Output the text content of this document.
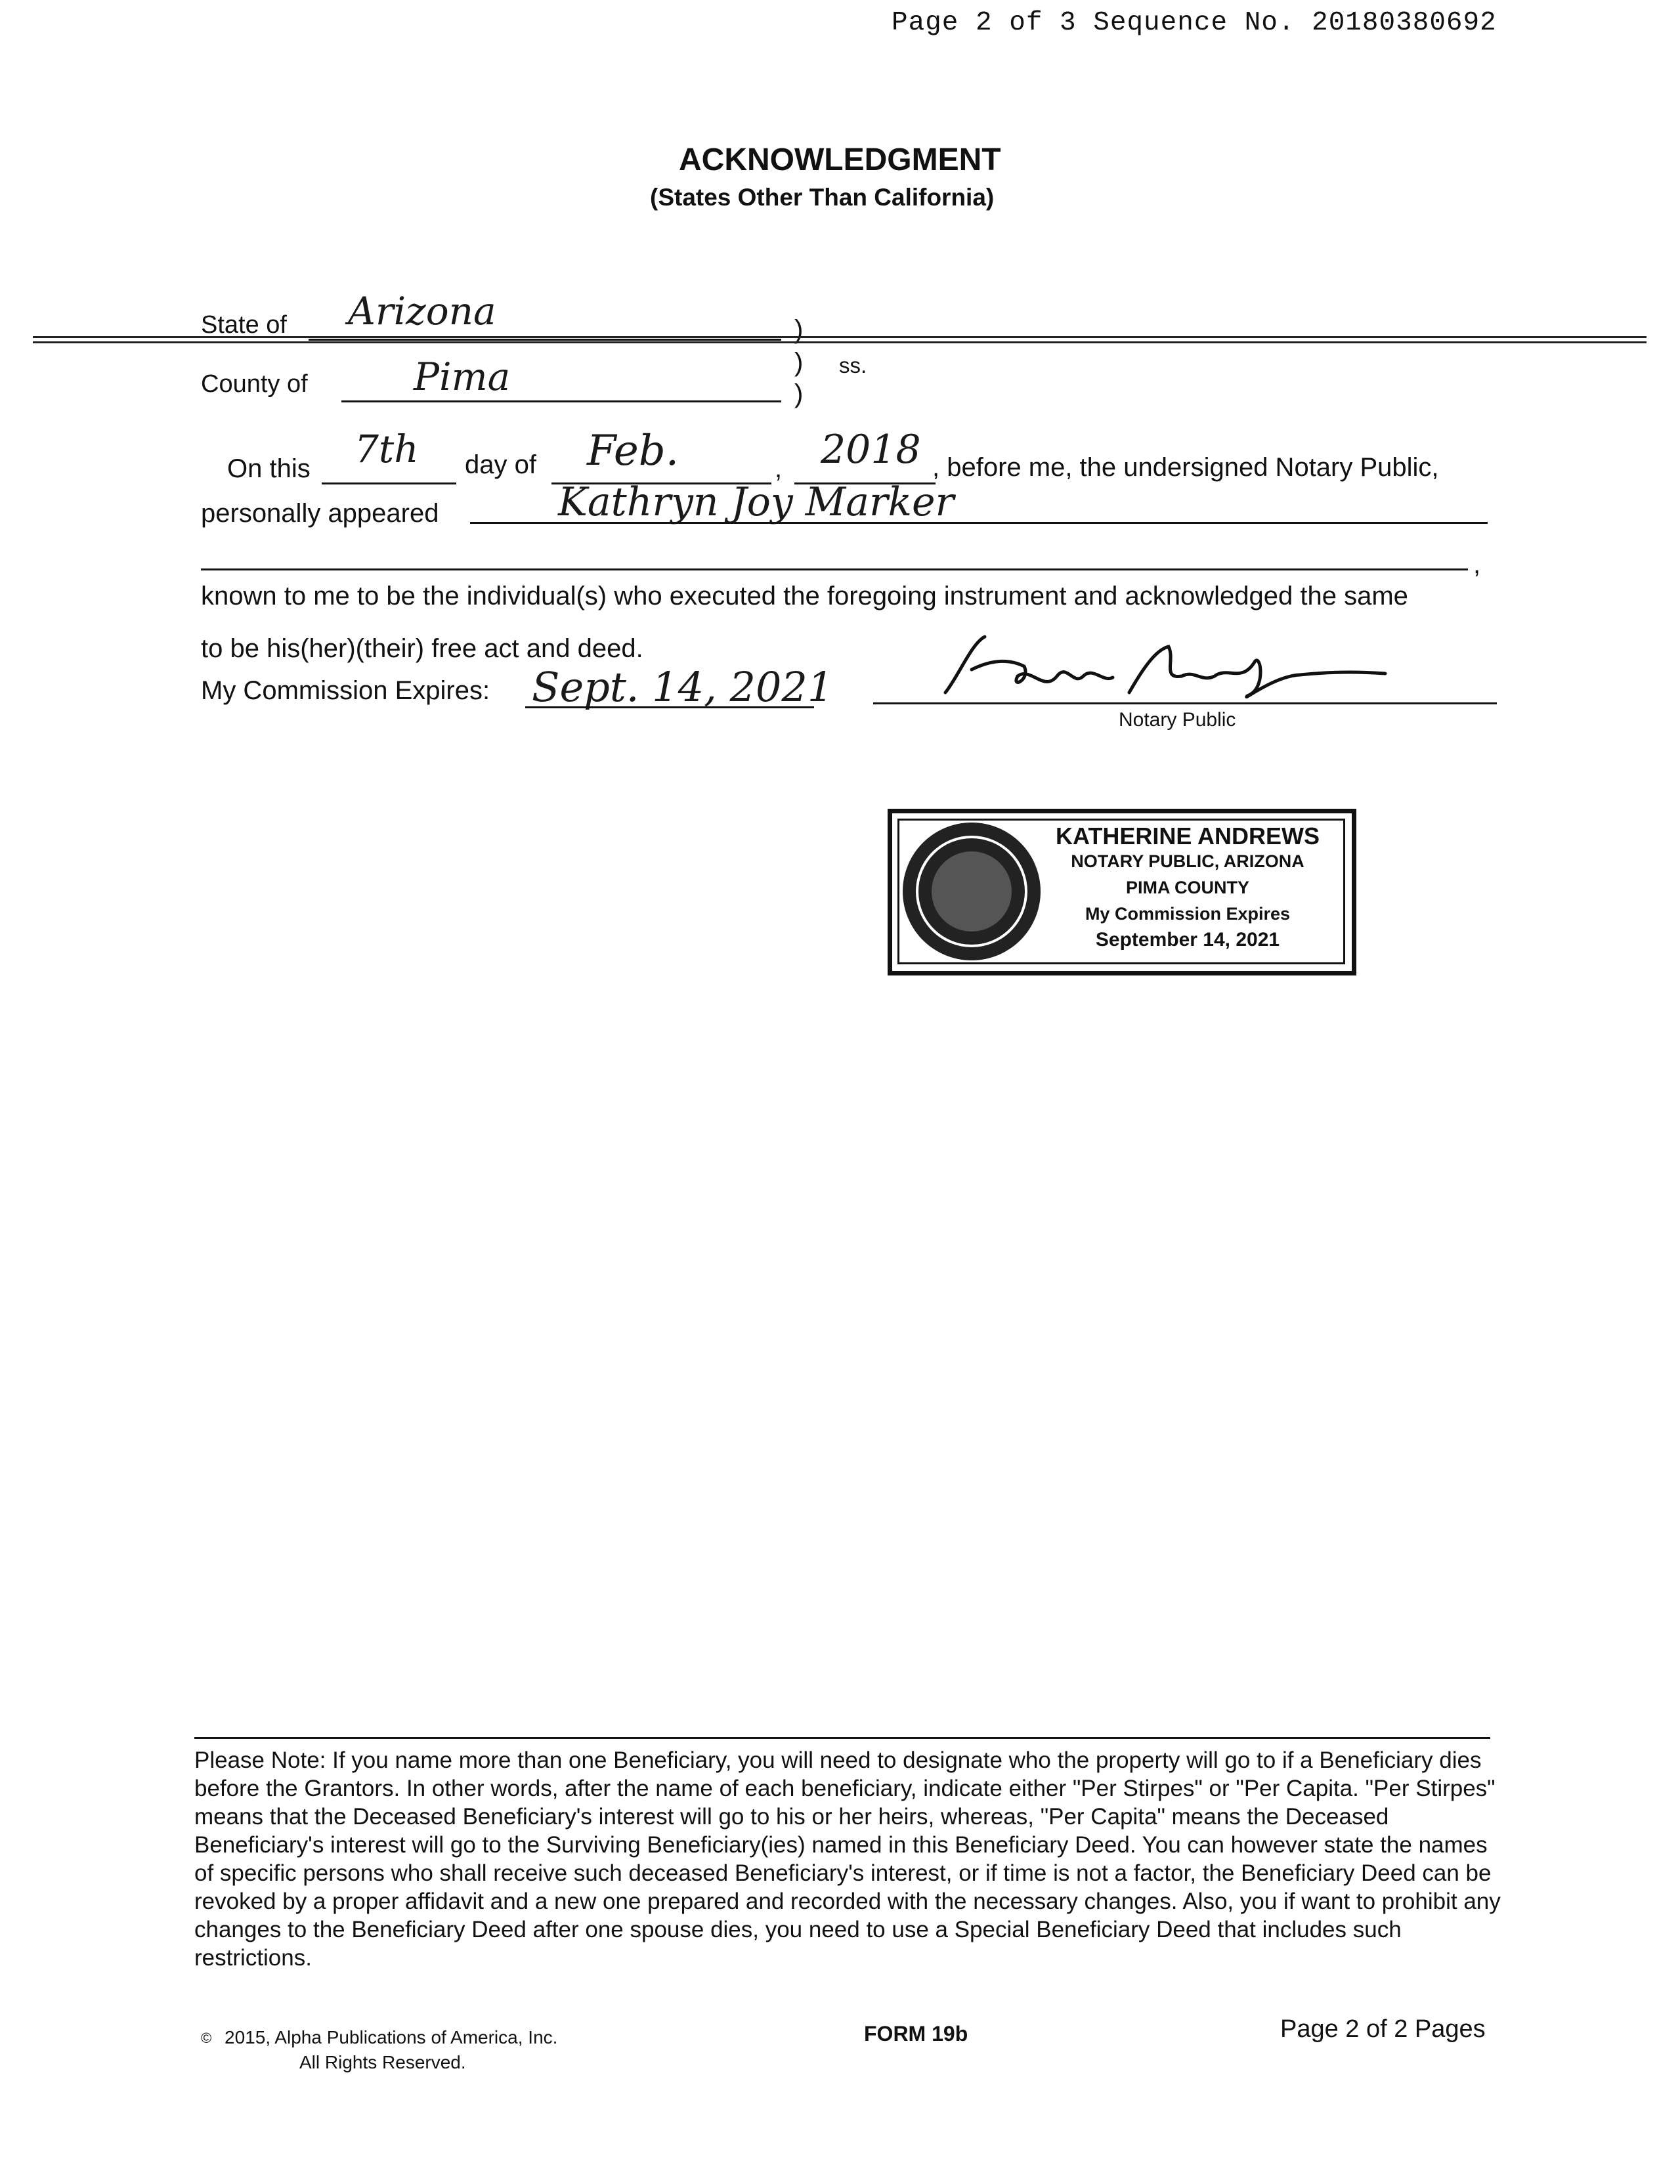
Page 2 of 3 Sequence No. 20180380692
ACKNOWLEDGMENT
(States Other Than California)
State of Arizona	)
) ss.
County of	Pima	)
On this 7th day of Feb.	, 2018 , before me, the undersigned Notary Public,
personally appeared	Kathryn Joy Marker
,
known to me to be the individual(s) who executed the foregoing instrument and acknowledged the same
to be his(her)(their) free act and deed.
My Commission Expires: Sept. 14, 2021
Notary Public
KATHERINE ANDREWS
NOTARY PUBLIC, ARIZONA
PIMA COUNTY
My Commission Expires
September 14, 2021
Please Note: If you name more than one Beneficiary, you will need to designate who the property will go to if a Beneficiary dies before the Grantors. In other words, after the name of each beneficiary, indicate either "Per Stirpes" or "Per Capita. "Per Stirpes" means that the Deceased Beneficiary's interest will go to his or her heirs, whereas, "Per Capita" means the Deceased Beneficiary's interest will go to the Surviving Beneficiary(ies) named in this Beneficiary Deed. You can however state the names of specific persons who shall receive such deceased Beneficiary's interest, or if time is not a factor, the Beneficiary Deed can be revoked by a proper affidavit and a new one prepared and recorded with the necessary changes. Also, you if want to prohibit any changes to the Beneficiary Deed after one spouse dies, you need to use a Special Beneficiary Deed that includes such restrictions.
© 2015, Alpha Publications of America, Inc.
All Rights Reserved.
FORM 19b	Page 2 of 2 Pages
